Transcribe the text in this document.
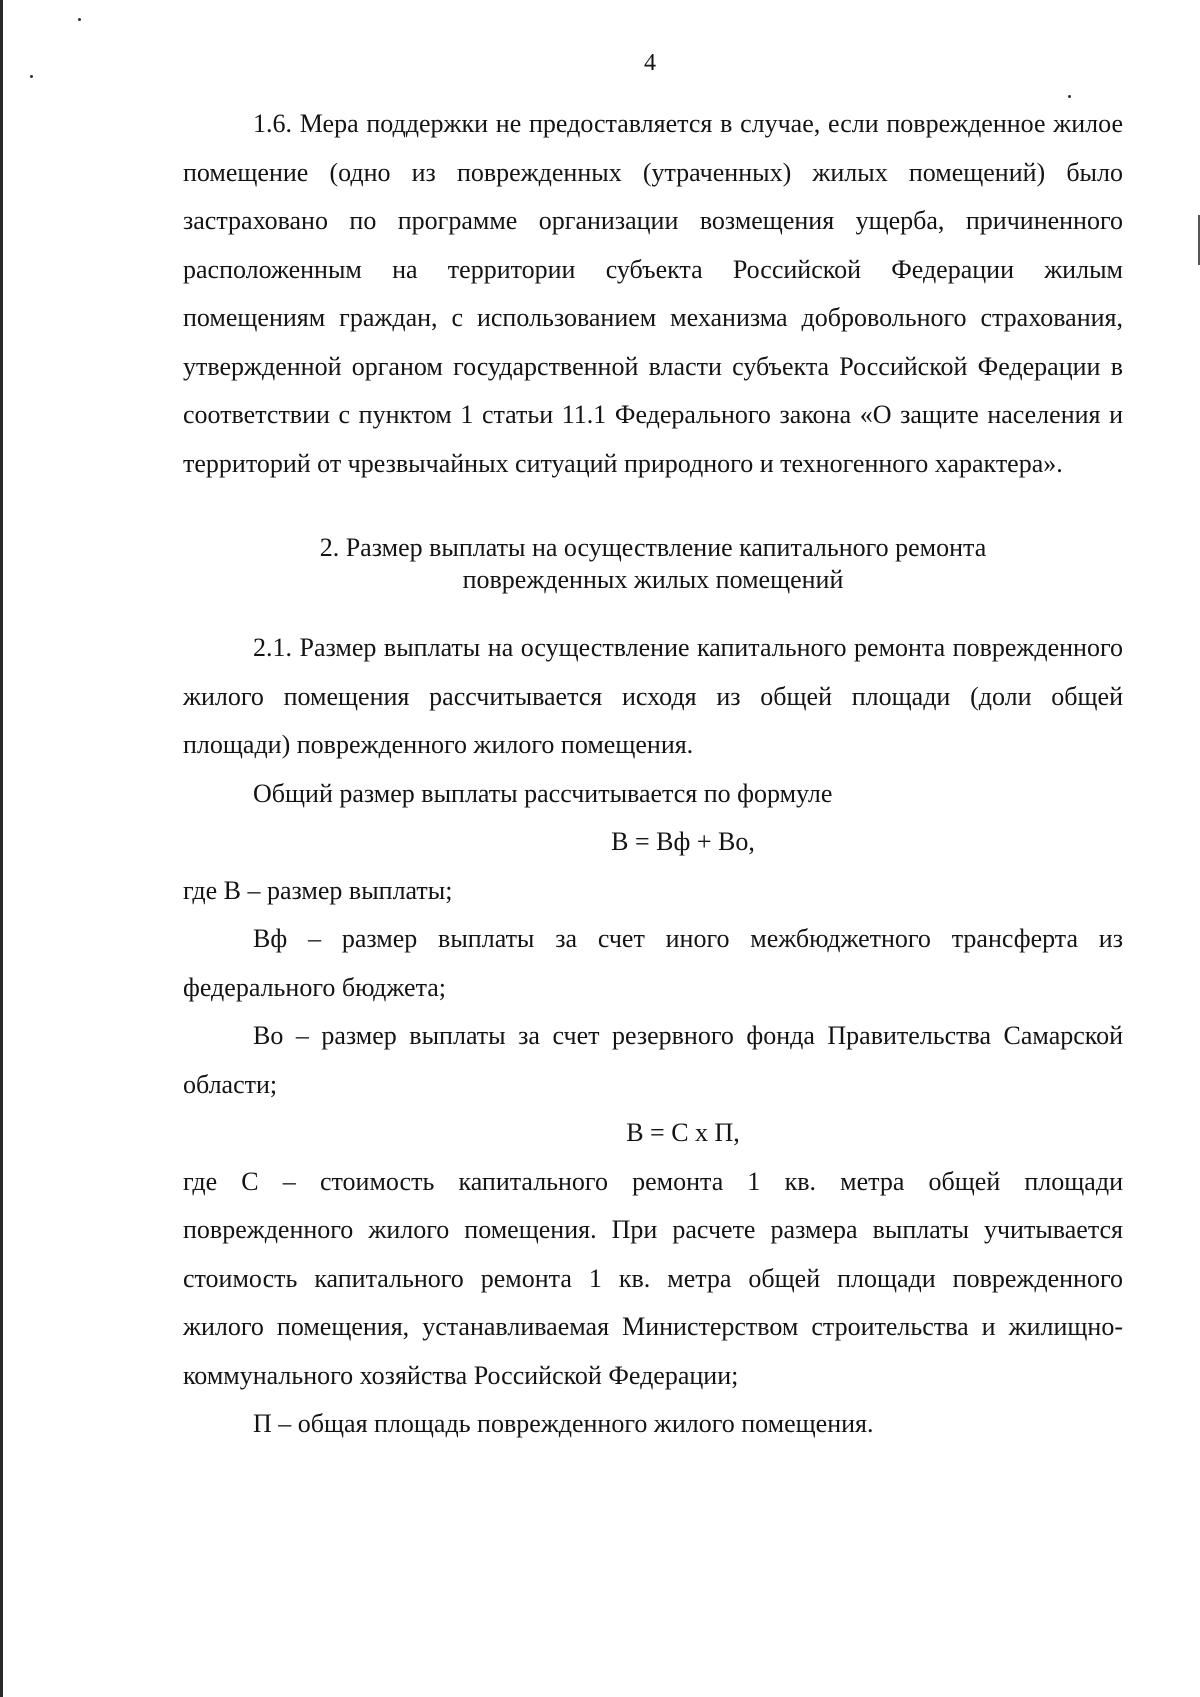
4

1.6. Мера поддержки не предоставляется в случае, если поврежденное жилое помещение (одно из поврежденных (утраченных) жилых помещений) было застраховано по программе организации возмещения ущерба, причиненного расположенным на территории субъекта Российской Федерации жилым помещениям граждан, с использованием механизма добровольного страхования, утвержденной органом государственной власти субъекта Российской Федерации в соответствии с пунктом 1 статьи 11.1 Федерального закона «О защите населения и территорий от чрезвычайных ситуаций природного и техногенного характера».

2. Размер выплаты на осуществление капитального ремонта
поврежденных жилых помещений

2.1. Размер выплаты на осуществление капитального ремонта поврежденного жилого помещения рассчитывается исходя из общей площади (доли общей площади) поврежденного жилого помещения.

Общий размер выплаты рассчитывается по формуле

В = Вф + Во,

где В – размер выплаты;

Вф – размер выплаты за счет иного межбюджетного трансферта из федерального бюджета;

Во – размер выплаты за счет резервного фонда Правительства Самарской области;

В = С х П,

где С – стоимость капитального ремонта 1 кв. метра общей площади поврежденного жилого помещения. При расчете размера выплаты учитывается стоимость капитального ремонта 1 кв. метра общей площади поврежденного жилого помещения, устанавливаемая Министерством строительства и жилищно-коммунального хозяйства Российской Федерации;

П – общая площадь поврежденного жилого помещения.
